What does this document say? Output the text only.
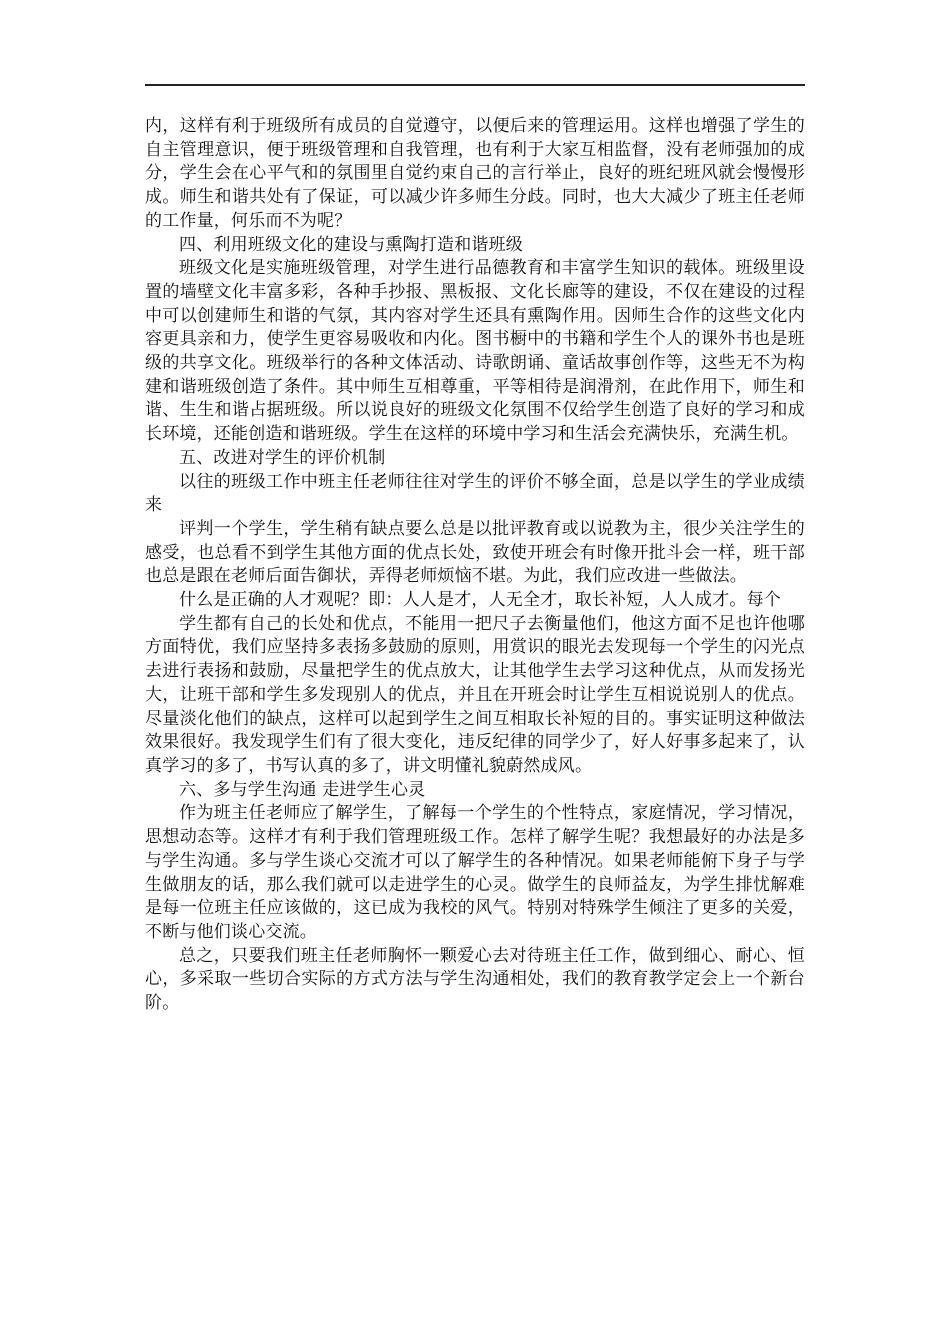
内，这样有利于班级所有成员的自觉遵守，以便后来的管理运用。这样也增强了学生的自主管理意识，便于班级管理和自我管理，也有利于大家互相监督，没有老师强加的成分，学生会在心平气和的氛围里自觉约束自己的言行举止，良好的班纪班风就会慢慢形成。师生和谐共处有了保证，可以减少许多师生分歧。同时，也大大减少了班主任老师的工作量，何乐而不为呢？

四、利用班级文化的建设与熏陶打造和谐班级

班级文化是实施班级管理，对学生进行品德教育和丰富学生知识的载体。班级里设置的墙壁文化丰富多彩，各种手抄报、黑板报、文化长廊等的建设，不仅在建设的过程中可以创建师生和谐的气氛，其内容对学生还具有熏陶作用。因师生合作的这些文化内容更具亲和力，使学生更容易吸收和内化。图书橱中的书籍和学生个人的课外书也是班级的共享文化。班级举行的各种文体活动、诗歌朗诵、童话故事创作等，这些无不为构建和谐班级创造了条件。其中师生互相尊重，平等相待是润滑剂，在此作用下，师生和谐、生生和谐占据班级。所以说良好的班级文化氛围不仅给学生创造了良好的学习和成长环境，还能创造和谐班级。学生在这样的环境中学习和生活会充满快乐，充满生机。

五、改进对学生的评价机制

以往的班级工作中班主任老师往往对学生的评价不够全面，总是以学生的学业成绩来

评判一个学生，学生稍有缺点要么总是以批评教育或以说教为主，很少关注学生的感受，也总看不到学生其他方面的优点长处，致使开班会有时像开批斗会一样，班干部也总是跟在老师后面告御状，弄得老师烦恼不堪。为此，我们应改进一些做法。

什么是正确的人才观呢？即：人人是才，人无全才，取长补短，人人成才。每个

学生都有自己的长处和优点，不能用一把尺子去衡量他们，他这方面不足也许他哪方面特优，我们应坚持多表扬多鼓励的原则，用赏识的眼光去发现每一个学生的闪光点去进行表扬和鼓励，尽量把学生的优点放大，让其他学生去学习这种优点，从而发扬光大，让班干部和学生多发现别人的优点，并且在开班会时让学生互相说说别人的优点。尽量淡化他们的缺点，这样可以起到学生之间互相取长补短的目的。事实证明这种做法效果很好。我发现学生们有了很大变化，违反纪律的同学少了，好人好事多起来了，认真学习的多了，书写认真的多了，讲文明懂礼貌蔚然成风。

六、多与学生沟通 走进学生心灵

作为班主任老师应了解学生，了解每一个学生的个性特点，家庭情况，学习情况，思想动态等。这样才有利于我们管理班级工作。怎样了解学生呢？我想最好的办法是多与学生沟通。多与学生谈心交流才可以了解学生的各种情况。如果老师能俯下身子与学生做朋友的话，那么我们就可以走进学生的心灵。做学生的良师益友，为学生排忧解难是每一位班主任应该做的，这已成为我校的风气。特别对特殊学生倾注了更多的关爱，不断与他们谈心交流。

总之，只要我们班主任老师胸怀一颗爱心去对待班主任工作，做到细心、耐心、恒心，多采取一些切合实际的方式方法与学生沟通相处，我们的教育教学定会上一个新台阶。
